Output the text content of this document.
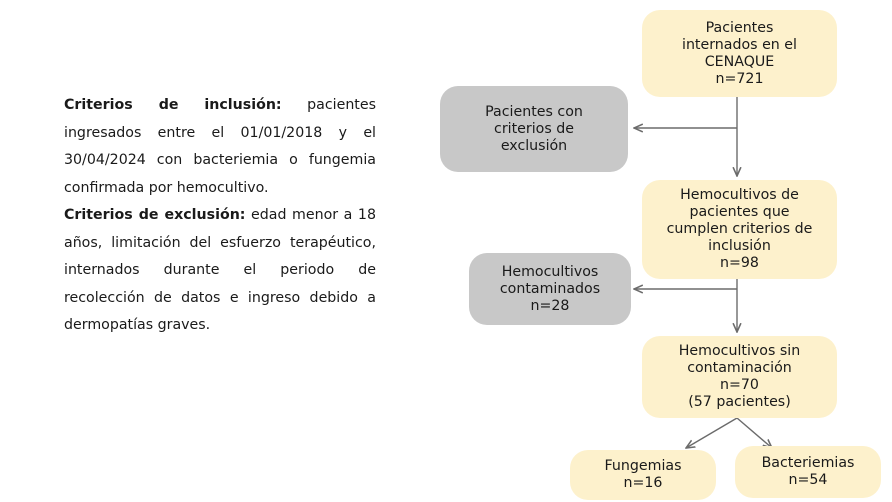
Criterios de inclusión: pacientes ingresados entre el 01/01/2018 y el 30/04/2024 con bacteriemia o fungemia confirmada por hemocultivo.

Criterios de exclusión: edad menor a 18 años, limitación del esfuerzo terapéutico, internados durante el periodo de recolección de datos e ingreso debido a dermopatías graves.

Pacientes
internados en el
CENAQUE
n=721
Pacientes con
criterios de
exclusión
Hemocultivos de
pacientes que
cumplen criterios de
inclusión
n=98
Hemocultivos
contaminados
n=28
Hemocultivos sin
contaminación
n=70
(57 pacientes)
Fungemias
n=16
Bacteriemias
n=54
